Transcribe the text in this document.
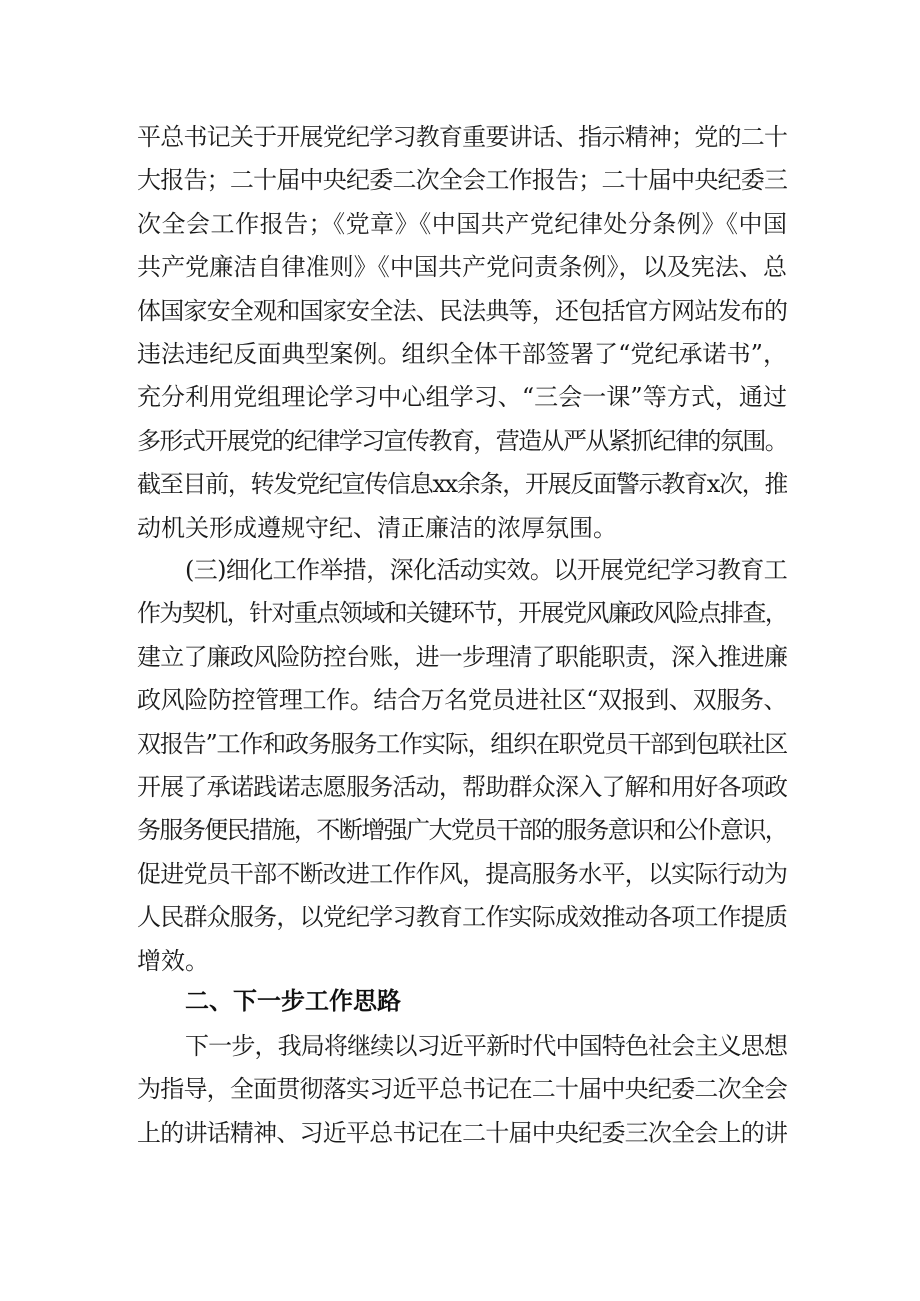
平总书记关于开展党纪学习教育重要讲话、指示精神；党的二十
大报告；二十届中央纪委二次全会工作报告；二十届中央纪委三
次全会工作报告；《党章》《中国共产党纪律处分条例》《中国
共产党廉洁自律准则》《中国共产党问责条例》，以及宪法、总
体国家安全观和国家安全法、民法典等，还包括官方网站发布的
违法违纪反面典型案例。组织全体干部签署了“党纪承诺书”，
充分利用党组理论学习中心组学习、“三会一课”等方式，通过
多形式开展党的纪律学习宣传教育，营造从严从紧抓纪律的氛围。
截至目前，转发党纪宣传信息xx余条，开展反面警示教育x次，推
动机关形成遵规守纪、清正廉洁的浓厚氛围。
(三)细化工作举措，深化活动实效。以开展党纪学习教育工
作为契机，针对重点领域和关键环节，开展党风廉政风险点排查，
建立了廉政风险防控台账，进一步理清了职能职责，深入推进廉
政风险防控管理工作。结合万名党员进社区“双报到、双服务、
双报告”工作和政务服务工作实际，组织在职党员干部到包联社区
开展了承诺践诺志愿服务活动，帮助群众深入了解和用好各项政
务服务便民措施，不断增强广大党员干部的服务意识和公仆意识，
促进党员干部不断改进工作作风，提高服务水平，以实际行动为
人民群众服务，以党纪学习教育工作实际成效推动各项工作提质
增效。
二、下一步工作思路
下一步，我局将继续以习近平新时代中国特色社会主义思想
为指导，全面贯彻落实习近平总书记在二十届中央纪委二次全会
上的讲话精神、习近平总书记在二十届中央纪委三次全会上的讲
